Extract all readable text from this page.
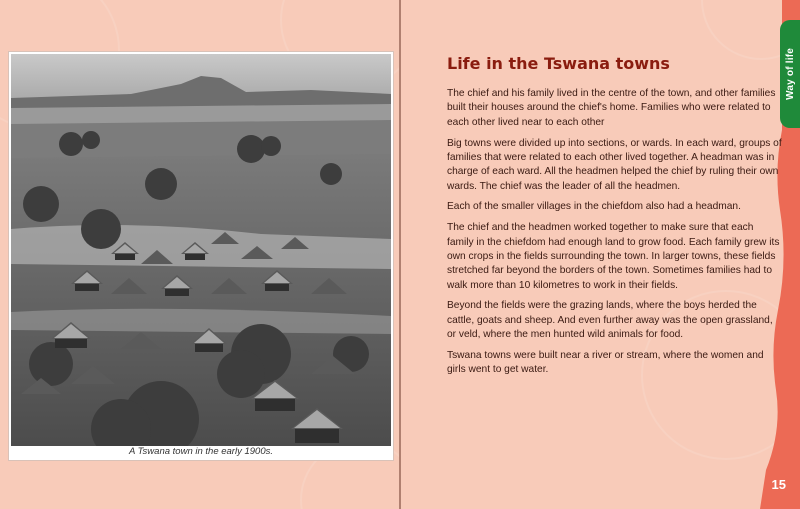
A Tswana town in the early 1900s.
Way of life
Life in the Tswana towns

The chief and his family lived in the centre of the town, and other families built their houses around the chief's home. Families who were related to each other lived near to each other

Big towns were divided up into sections, or wards. In each ward, groups of families that were related to each other lived together. A headman was in charge of each ward. All the headmen helped the chief by ruling their own wards. The chief was the leader of all the headmen.

Each of the smaller villages in the chiefdom also had a headman.

The chief and the headmen worked together to make sure that each family in the chiefdom had enough land to grow food. Each family grew its own crops in the fields surrounding the town. In larger towns, these fields stretched far beyond the borders of the town. Sometimes families had to walk more than 10 kilometres to work in their fields.

Beyond the fields were the grazing lands, where the boys herded the cattle, goats and sheep. And even further away was the open grassland, or veld, where the men hunted wild animals for food.

Tswana towns were built near a river or stream, where the women and girls went to get water.

15
